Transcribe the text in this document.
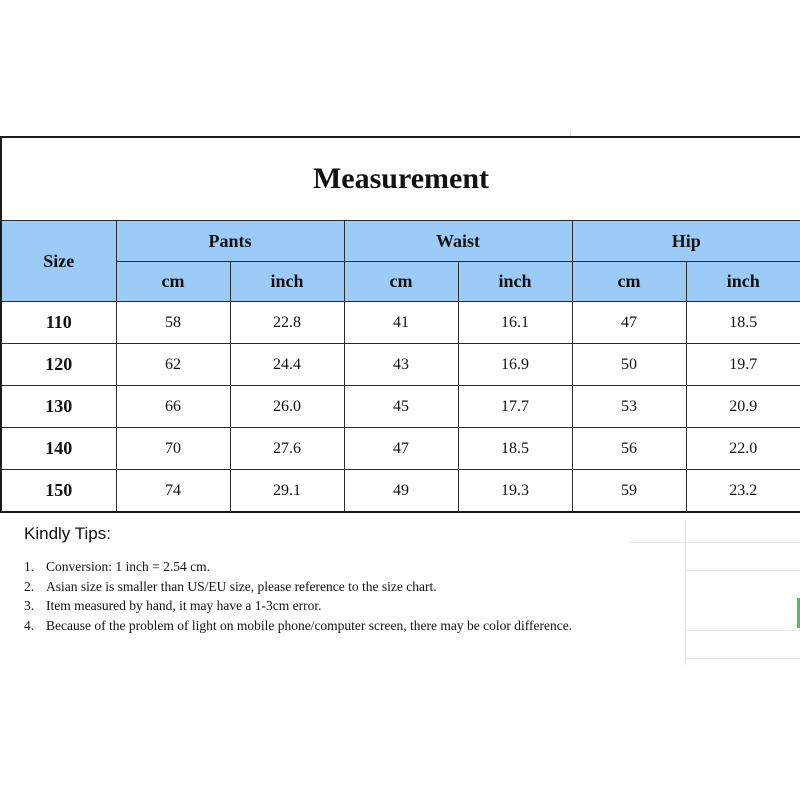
Measurement						
Size	Pants		Waist		Hip	
	cm	inch	cm	inch	cm	inch
110	58	22.8	41	16.1	47	18.5
120	62	24.4	43	16.9	50	19.7
130	66	26.0	45	17.7	53	20.9
140	70	27.6	47	18.5	56	22.0
150	74	29.1	49	19.3	59	23.2

Kindly Tips:

1. Conversion: 1 inch = 2.54 cm.
2. Asian size is smaller than US/EU size, please reference to the size chart.
3. Item measured by hand, it may have a 1-3cm error.
4. Because of the problem of light on mobile phone/computer screen, there may be color difference.
